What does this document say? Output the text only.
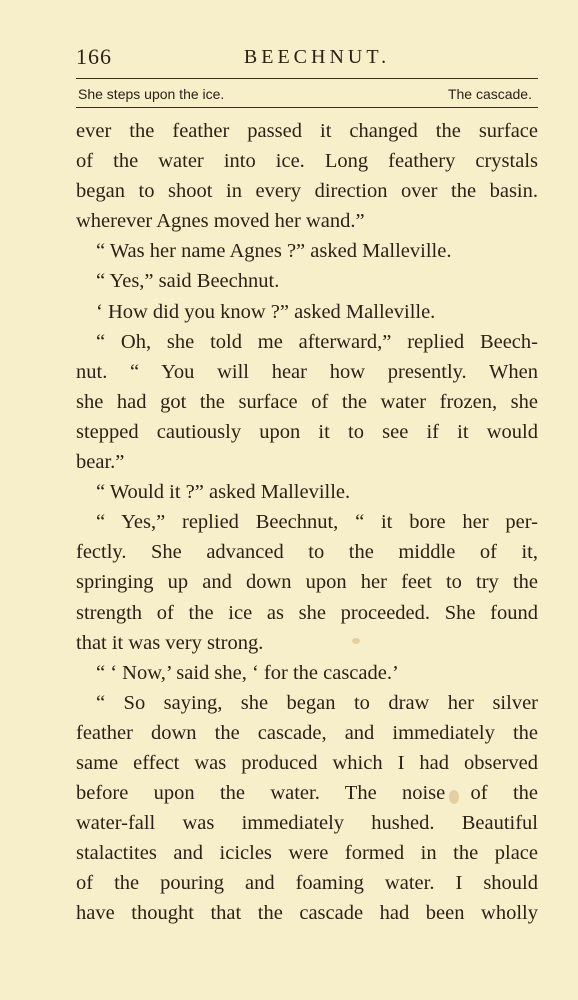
166	BEECHNUT.
She steps upon the ice.	The cascade.
ever the feather passed it changed the surface
of the water into ice. Long feathery crystals
began to shoot in every direction over the basin.
wherever Agnes moved her wand.”
“ Was her name Agnes ?” asked Malleville.
“ Yes,” said Beechnut.
‘ How did you know ?” asked Malleville.
“ Oh, she told me afterward,” replied Beech-
nut. “ You will hear how presently. When
she had got the surface of the water frozen, she
stepped cautiously upon it to see if it would
bear.”
“ Would it ?” asked Malleville.
“ Yes,” replied Beechnut, “ it bore her per-
fectly. She advanced to the middle of it,
springing up and down upon her feet to try the
strength of the ice as she proceeded. She found
that it was very strong.
“ ‘ Now,’ said she, ‘ for the cascade.’
“ So saying, she began to draw her silver
feather down the cascade, and immediately the
same effect was produced which I had observed
before upon the water. The noise of the
water-fall was immediately hushed. Beautiful
stalactites and icicles were formed in the place
of the pouring and foaming water. I should
have thought that the cascade had been wholly
